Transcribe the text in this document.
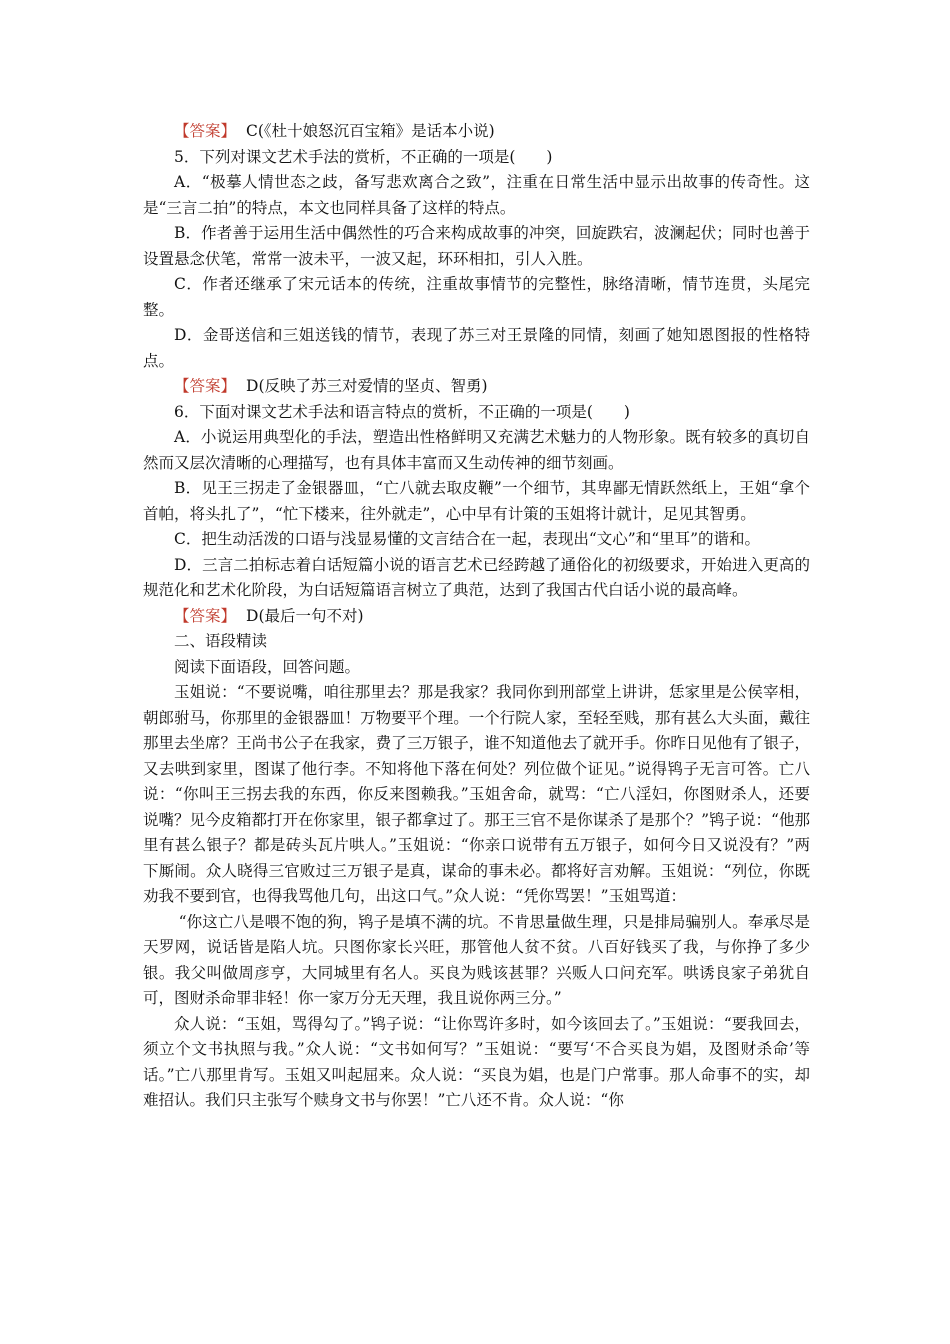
【答案】 C(《杜十娘怒沉百宝箱》是话本小说)

5．下列对课文艺术手法的赏析，不正确的一项是(　　)

A．“极摹人情世态之歧，备写悲欢离合之致”，注重在日常生活中显示出故事的传奇性。这是“三言二拍”的特点，本文也同样具备了这样的特点。

B．作者善于运用生活中偶然性的巧合来构成故事的冲突，回旋跌宕，波澜起伏；同时也善于设置悬念伏笔，常常一波未平，一波又起，环环相扣，引人入胜。

C．作者还继承了宋元话本的传统，注重故事情节的完整性，脉络清晰，情节连贯，头尾完整。

D．金哥送信和三姐送钱的情节，表现了苏三对王景隆的同情，刻画了她知恩图报的性格特点。

【答案】 D(反映了苏三对爱情的坚贞、智勇)

6．下面对课文艺术手法和语言特点的赏析，不正确的一项是(　　)

A．小说运用典型化的手法，塑造出性格鲜明又充满艺术魅力的人物形象。既有较多的真切自然而又层次清晰的心理描写，也有具体丰富而又生动传神的细节刻画。

B．见王三拐走了金银器皿，“亡八就去取皮鞭”一个细节，其卑鄙无情跃然纸上，王姐“拿个首帕，将头扎了”，“忙下楼来，往外就走”，心中早有计策的玉姐将计就计，足见其智勇。

C．把生动活泼的口语与浅显易懂的文言结合在一起，表现出“文心”和“里耳”的谐和。

D．三言二拍标志着白话短篇小说的语言艺术已经跨越了通俗化的初级要求，开始进入更高的规范化和艺术化阶段，为白话短篇语言树立了典范，达到了我国古代白话小说的最高峰。

【答案】 D(最后一句不对)

二、语段精读

阅读下面语段，回答问题。

玉姐说：“不要说嘴，咱往那里去？那是我家？我同你到刑部堂上讲讲，恁家里是公侯宰相，朝郎驸马，你那里的金银器皿！万物要平个理。一个行院人家，至轻至贱，那有甚么大头面，戴往那里去坐席？王尚书公子在我家，费了三万银子，谁不知道他去了就开手。你昨日见他有了银子，又去哄到家里，图谋了他行李。不知将他下落在何处？列位做个证见。”说得鸨子无言可答。亡八说：“你叫王三拐去我的东西，你反来图赖我。”玉姐舍命，就骂：“亡八淫妇，你图财杀人，还要说嘴？见今皮箱都打开在你家里，银子都拿过了。那王三官不是你谋杀了是那个？”鸨子说：“他那里有甚么银子？都是砖头瓦片哄人。”玉姐说：“你亲口说带有五万银子，如何今日又说没有？”两下厮闹。众人晓得三官败过三万银子是真，谋命的事未必。都将好言劝解。玉姐说：“列位，你既劝我不要到官，也得我骂他几句，出这口气。”众人说：“凭你骂罢！”玉姐骂道：

“你这亡八是喂不饱的狗，鸨子是填不满的坑。不肯思量做生理，只是排局骗别人。奉承尽是天罗网，说话皆是陷人坑。只图你家长兴旺，那管他人贫不贫。八百好钱买了我，与你挣了多少银。我父叫做周彦亨，大同城里有名人。买良为贱该甚罪？兴贩人口问充军。哄诱良家子弟犹自可，图财杀命罪非轻！你一家万分无天理，我且说你两三分。”

众人说：“玉姐，骂得勾了。”鸨子说：“让你骂许多时，如今该回去了。”玉姐说：“要我回去，须立个文书执照与我。”众人说：“文书如何写？”玉姐说：“要写‘不合买良为娼，及图财杀命’等话。”亡八那里肯写。玉姐又叫起屈来。众人说：“买良为娼，也是门户常事。那人命事不的实，却难招认。我们只主张写个赎身文书与你罢！”亡八还不肯。众人说：“你
